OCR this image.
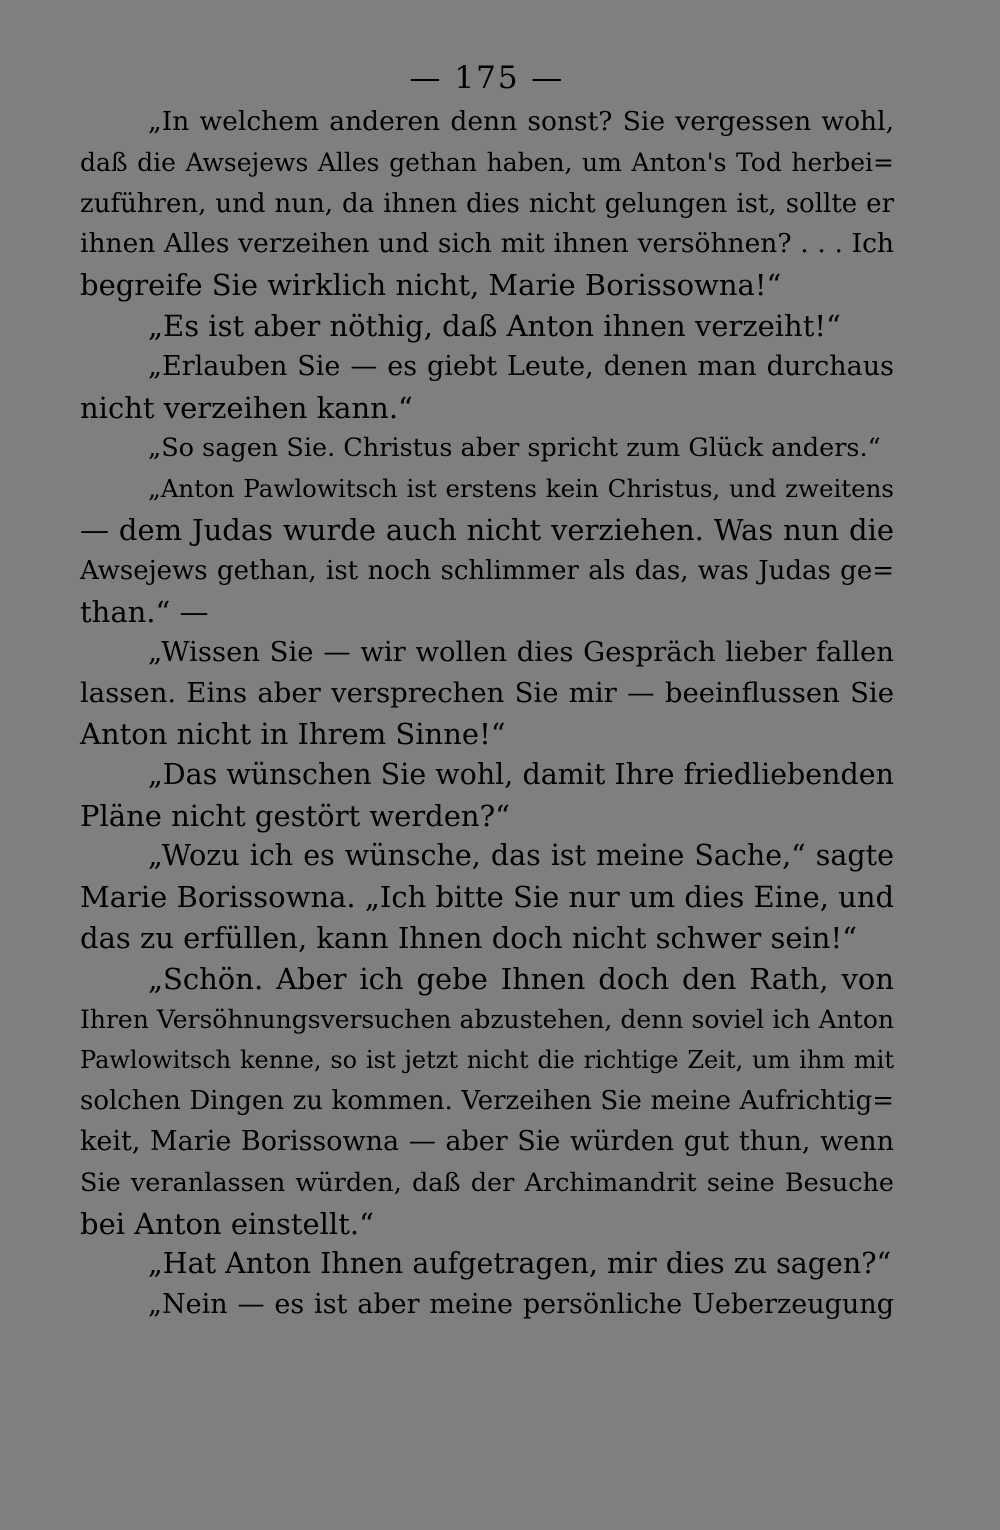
— 175 —
„In welchem anderen denn sonst? Sie vergessen wohl,
daß die Awsejews Alles gethan haben, um Anton's Tod herbei=
zuführen, und nun, da ihnen dies nicht gelungen ist, sollte er
ihnen Alles verzeihen und sich mit ihnen versöhnen? . . . Ich
begreife Sie wirklich nicht, Marie Borissowna!“
„Es ist aber nöthig, daß Anton ihnen verzeiht!“
„Erlauben Sie — es giebt Leute, denen man durchaus
nicht verzeihen kann.“
„So sagen Sie. Christus aber spricht zum Glück anders.“
„Anton Pawlowitsch ist erstens kein Christus, und zweitens
— dem Judas wurde auch nicht verziehen. Was nun die
Awsejews gethan, ist noch schlimmer als das, was Judas ge=
than.“ —
„Wissen Sie — wir wollen dies Gespräch lieber fallen
lassen. Eins aber versprechen Sie mir — beeinflussen Sie
Anton nicht in Ihrem Sinne!“
„Das wünschen Sie wohl, damit Ihre friedliebenden
Pläne nicht gestört werden?“
„Wozu ich es wünsche, das ist meine Sache,“ sagte
Marie Borissowna. „Ich bitte Sie nur um dies Eine, und
das zu erfüllen, kann Ihnen doch nicht schwer sein!“
„Schön. Aber ich gebe Ihnen doch den Rath, von
Ihren Versöhnungsversuchen abzustehen, denn soviel ich Anton
Pawlowitsch kenne, so ist jetzt nicht die richtige Zeit, um ihm mit
solchen Dingen zu kommen. Verzeihen Sie meine Aufrichtig=
keit, Marie Borissowna — aber Sie würden gut thun, wenn
Sie veranlassen würden, daß der Archimandrit seine Besuche
bei Anton einstellt.“
„Hat Anton Ihnen aufgetragen, mir dies zu sagen?“
„Nein — es ist aber meine persönliche Ueberzeugung
